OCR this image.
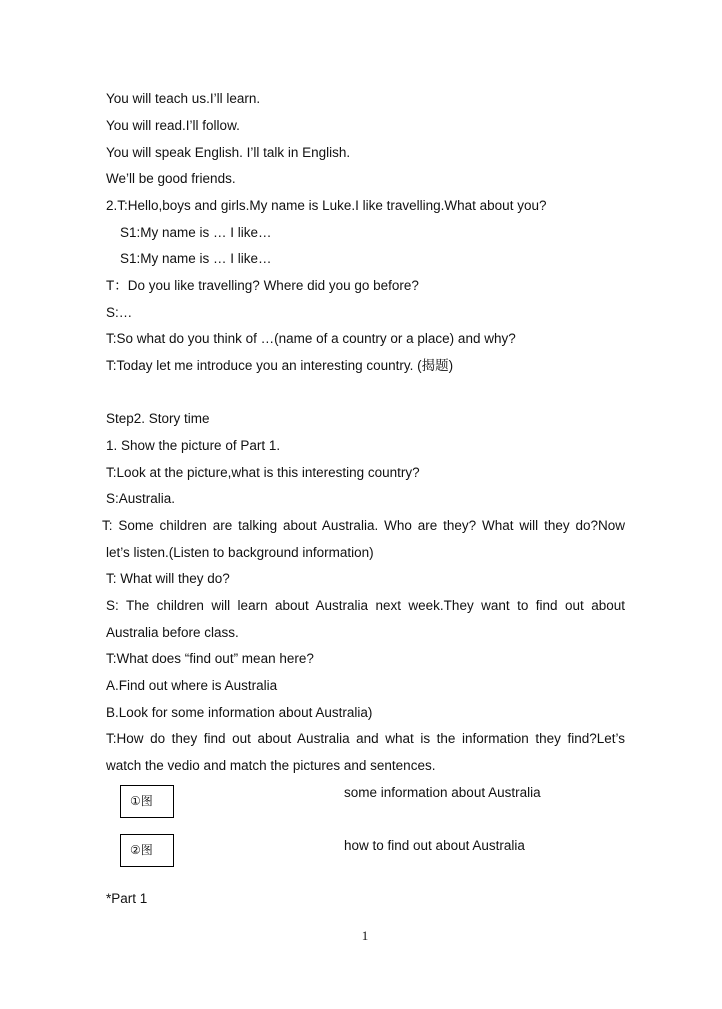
You will teach us.I’ll learn.
You will read.I’ll follow.
You will speak English. I’ll talk in English.
We’ll be good friends.
2.T:Hello,boys and girls.My name is Luke.I like travelling.What about you?
S1:My name is … I like…
S1:My name is … I like…
T：Do you like travelling? Where did you go before?
S:…
T:So what do you think of …(name of a country or a place) and why?
T:Today let me introduce you an interesting country. (揭题)
Step2. Story time
1. Show the picture of Part 1.
T:Look at the picture,what is this interesting country?
S:Australia.
T: Some children are talking about Australia. Who are they? What will they do?Now
let’s listen.(Listen to background information)
T: What will they do?
S: The children will learn about Australia next week.They want to find out about
Australia before class.
T:What does “find out” mean here?
A.Find out where is Australia
B.Look for some information about Australia)
T:How do they find out about Australia and what is the information they find?Let’s
watch the vedio and match the pictures and sentences.
①图
some information about Australia
②图	how to find out about Australia
*Part 1
1
